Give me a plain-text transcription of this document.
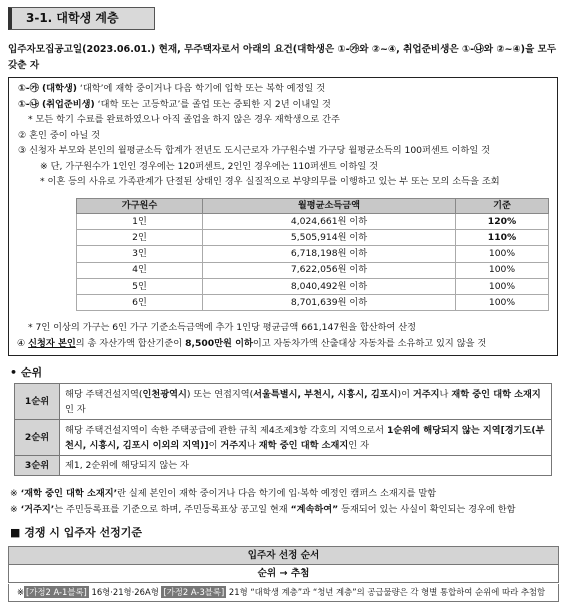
3-1. 대학생 계층
입주자모집공고일(2023.06.01.) 현재, 무주택자로서 아래의 요건(대학생은 ①-㉮와 ②~④, 취업준비생은 ①-㉯와 ②~④)을 모두 갖춘 자
①-㉮ (대학생) ‘대학’에 재학 중이거나 다음 학기에 입학 또는 복학 예정일 것
①-㉯ (취업준비생) ‘대학 또는 고등학교’를 졸업 또는 중퇴한 지 2년 이내일 것
* 모든 학기 수료를 완료하였으나 아직 졸업을 하지 않은 경우 재학생으로 간주
② 혼인 중이 아닐 것
③ 신청자 부모와 본인의 월평균소득 합계가 전년도 도시근로자 가구원수별 가구당 월평균소득의 100퍼센트 이하일 것
※ 단, 가구원수가 1인인 경우에는 120퍼센트, 2인인 경우에는 110퍼센트 이하일 것
* 이혼 등의 사유로 가족관계가 단절된 상태인 경우 실질적으로 부양의무를 이행하고 있는 부 또는 모의 소득을 조회
가구원수	월평균소득금액	기준
1인	4,024,661원 이하	120%
2인	5,505,914원 이하	110%
3인	6,718,198원 이하	100%
4인	7,622,056원 이하	100%
5인	8,040,492원 이하	100%
6인	8,701,639원 이하	100%
* 7인 이상의 가구는 6인 가구 기준소득금액에 추가 1인당 평균금액 661,147원을 합산하여 산정
④ 신청자 본인의 총 자산가액 합산기준이 8,500만원 이하이고 자동차가액 산출대상 자동차를 소유하고 있지 않을 것
• 순위
1순위	해당 주택건설지역(인천광역시) 또는 연접지역(서울특별시, 부천시, 시흥시, 김포시)이 거주지나 재학 중인 대학 소재지인 자
2순위	해당 주택건설지역이 속한 주택공급에 관한 규칙 제4조제3항 각호의 지역으로서 1순위에 해당되지 않는 지역[경기도(부천시, 시흥시, 김포시 이외의 지역)]이 거주지나 재학 중인 대학 소재지인 자
3순위	제1, 2순위에 해당되지 않는 자
※ ‘재학 중인 대학 소재지’란 실제 본인이 재학 중이거나 다음 학기에 입·복학 예정인 캠퍼스 소재지를 말함
※ ‘거주지’는 주민등록표를 기준으로 하며, 주민등록표상 공고일 현재 “계속하여” 등재되어 있는 사실이 확인되는 경우에 한함
■ 경쟁 시 입주자 선정기준
입주자 선정 순서
순위 → 추첨
※ [가정2 A-1블록] 16형·21형·26A형 [가정2 A-3블록] 21형 “대학생 계층”과 “청년 계층”의 공급물량은 각 형별 통합하여 순위에 따라 추첨함
